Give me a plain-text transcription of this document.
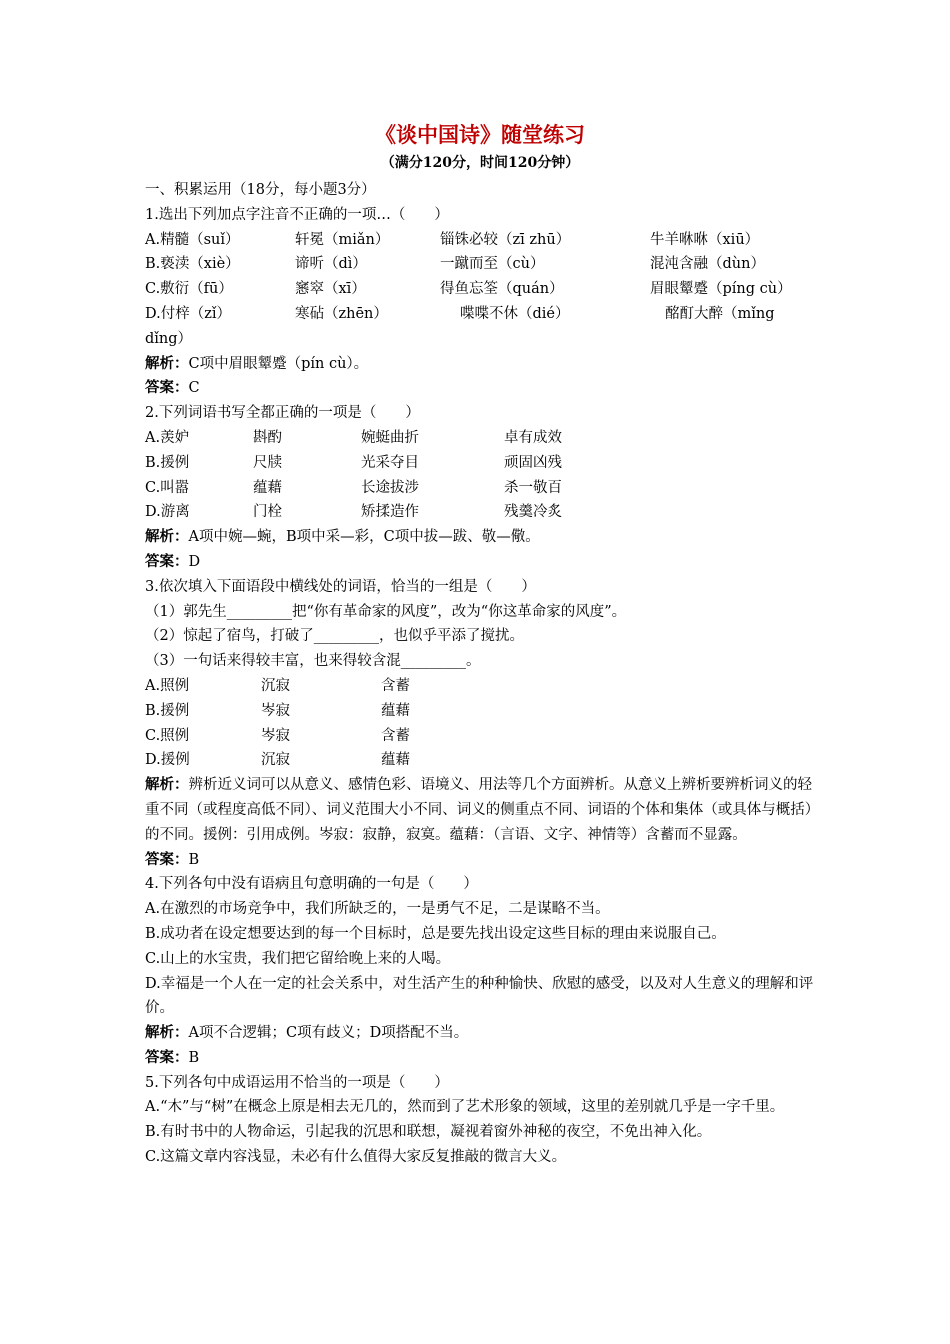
《谈中国诗》随堂练习
（满分120分，时间120分钟）
一、积累运用（18分，每小题3分）
1.选出下列加点字注音不正确的一项…（　　）
A.精髓（suǐ）	轩冕（miǎn）	锱铢必较（zī zhū）	牛羊咻咻（xiū）
B.亵渎（xiè）	谛听（dì）	一蹴而至（cù）	混沌含融（dùn）
C.敷衍（fū）	窸窣（xī）	得鱼忘筌（quán）	眉眼颦蹙（píng cù）
D.付梓（zǐ）	寒砧（zhēn）	喋喋不休（dié）	酩酊大醉（mǐng
dǐng）
解析：C项中眉眼颦蹙（pín cù）。
答案：C
2.下列词语书写全都正确的一项是（　　）
A.羡妒	斟酌	婉蜓曲折	卓有成效
B.援例	尺牍	光采夺目	顽固凶残
C.叫嚣	蕴藉	长途拔涉	杀一敬百
D.游离	门栓	矫揉造作	残羹冷炙
解析：A项中婉—蜿，B项中采—彩，C项中拔—跋、敬—儆。
答案：D
3.依次填入下面语段中横线处的词语，恰当的一组是（　　）
（1）郭先生_________把“你有革命家的风度”，改为“你这革命家的风度”。
（2）惊起了宿鸟，打破了_________，也似乎平添了搅扰。
（3）一句话来得较丰富，也来得较含混_________。
A.照例	沉寂	含蓄
B.援例	岑寂	蕴藉
C.照例	岑寂	含蓄
D.援例	沉寂	蕴藉
解析：辨析近义词可以从意义、感情色彩、语境义、用法等几个方面辨析。从意义上辨析要辨析词义的轻重不同（或程度高低不同）、词义范围大小不同、词义的侧重点不同、词语的个体和集体（或具体与概括）的不同。援例：引用成例。岑寂：寂静，寂寞。蕴藉：（言语、文字、神情等）含蓄而不显露。
答案：B
4.下列各句中没有语病且句意明确的一句是（　　）
A.在激烈的市场竞争中，我们所缺乏的，一是勇气不足，二是谋略不当。
B.成功者在设定想要达到的每一个目标时，总是要先找出设定这些目标的理由来说服自己。
C.山上的水宝贵，我们把它留给晚上来的人喝。
D.幸福是一个人在一定的社会关系中，对生活产生的种种愉快、欣慰的感受，以及对人生意义的理解和评价。
解析：A项不合逻辑；C项有歧义；D项搭配不当。
答案：B
5.下列各句中成语运用不恰当的一项是（　　）
A.“木”与“树”在概念上原是相去无几的，然而到了艺术形象的领域，这里的差别就几乎是一字千里。
B.有时书中的人物命运，引起我的沉思和联想，凝视着窗外神秘的夜空，不免出神入化。
C.这篇文章内容浅显，未必有什么值得大家反复推敲的微言大义。
